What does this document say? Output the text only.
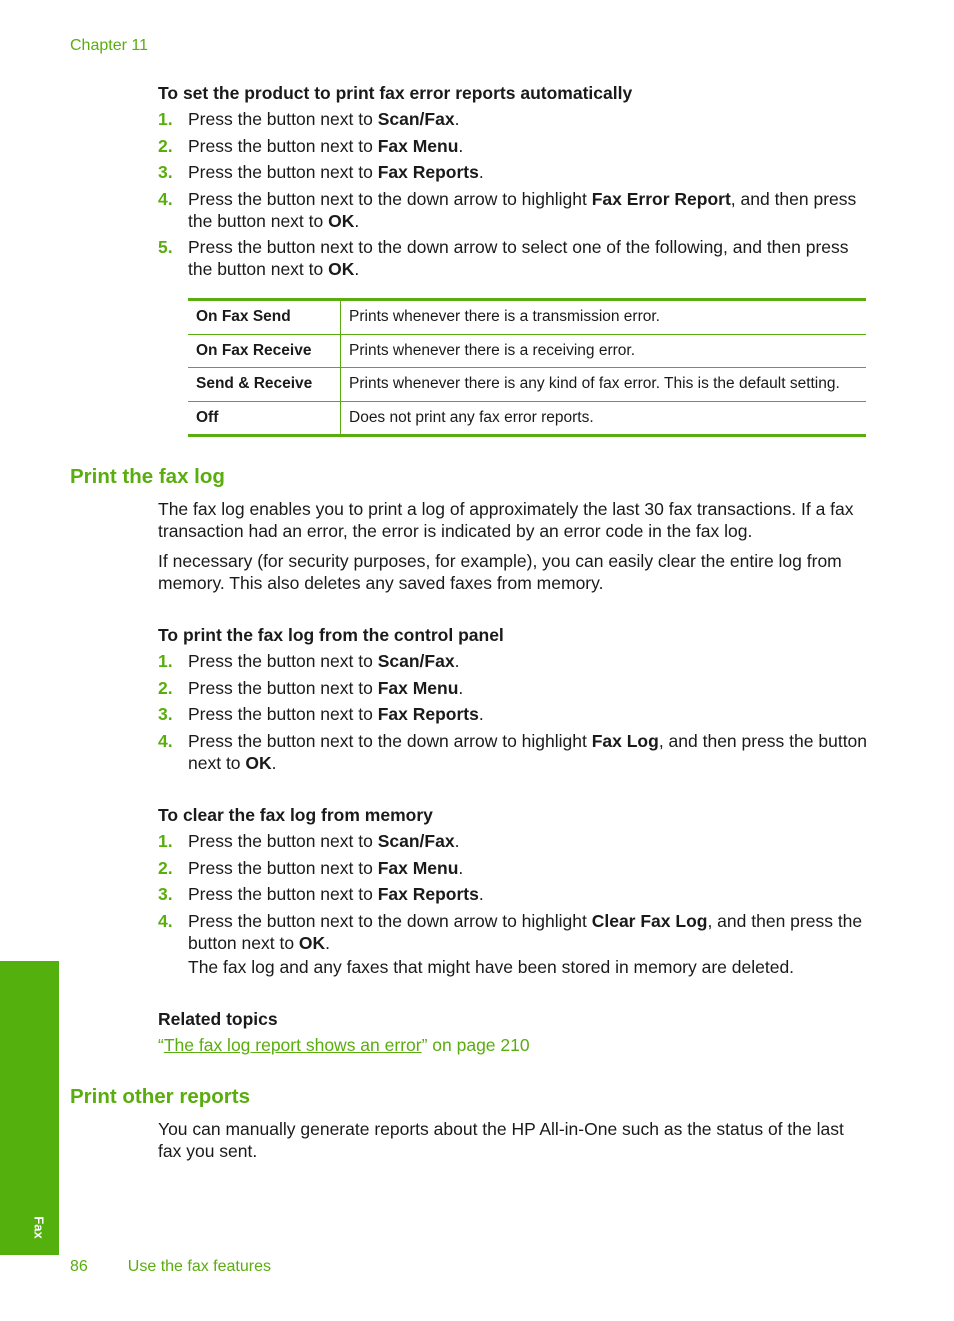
Chapter 11
To set the product to print fax error reports automatically
1. Press the button next to Scan/Fax.
2. Press the button next to Fax Menu.
3. Press the button next to Fax Reports.
4. Press the button next to the down arrow to highlight Fax Error Report, and then press the button next to OK.
5. Press the button next to the down arrow to select one of the following, and then press the button next to OK.
On Fax Send	Prints whenever there is a transmission error.
On Fax Receive	Prints whenever there is a receiving error.
Send & Receive	Prints whenever there is any kind of fax error. This is the default setting.
Off	Does not print any fax error reports.
Print the fax log

The fax log enables you to print a log of approximately the last 30 fax transactions. If a fax transaction had an error, the error is indicated by an error code in the fax log.

If necessary (for security purposes, for example), you can easily clear the entire log from memory. This also deletes any saved faxes from memory.

To print the fax log from the control panel
1. Press the button next to Scan/Fax.
2. Press the button next to Fax Menu.
3. Press the button next to Fax Reports.
4. Press the button next to the down arrow to highlight Fax Log, and then press the button next to OK.
To clear the fax log from memory
1. Press the button next to Scan/Fax.
2. Press the button next to Fax Menu.
3. Press the button next to Fax Reports.
4. Press the button next to the down arrow to highlight Clear Fax Log, and then press the button next to OK.
The fax log and any faxes that might have been stored in memory are deleted.
Related topics
“The fax log report shows an error” on page 210
Print other reports

You can manually generate reports about the HP All-in-One such as the status of the last fax you sent.

Fax
86	Use the fax features
